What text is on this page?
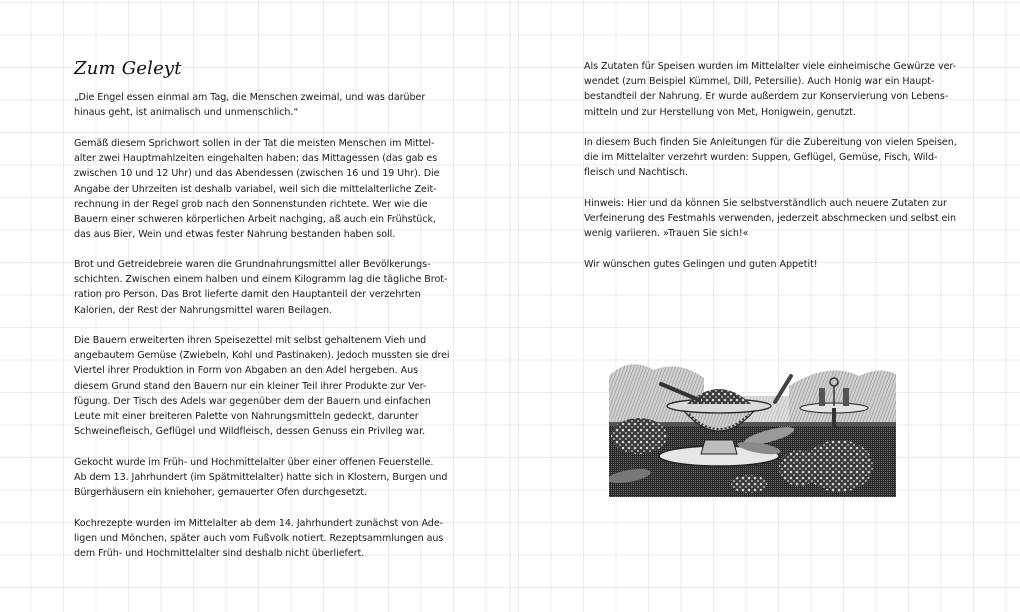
Zum Geleyt

„Die Engel essen einmal am Tag, die Menschen zweimal, und was darüber
hinaus geht, ist animalisch und unmenschlich.“

Gemäß diesem Sprichwort sollen in der Tat die meisten Menschen im Mittel-
alter zwei Hauptmahlzeiten eingehalten haben: das Mittagessen (das gab es
zwischen 10 und 12 Uhr) und das Abendessen (zwischen 16 und 19 Uhr). Die
Angabe der Uhrzeiten ist deshalb variabel, weil sich die mittelalterliche Zeit-
rechnung in der Regel grob nach den Sonnenstunden richtete. Wer wie die
Bauern einer schweren körperlichen Arbeit nachging, aß auch ein Frühstück,
das aus Bier, Wein und etwas fester Nahrung bestanden haben soll.

Brot und Getreidebreie waren die Grundnahrungsmittel aller Bevölkerungs-
schichten. Zwischen einem halben und einem Kilogramm lag die tägliche Brot-
ration pro Person. Das Brot lieferte damit den Hauptanteil der verzehrten
Kalorien, der Rest der Nahrungsmittel waren Beilagen.

Die Bauern erweiterten ihren Speisezettel mit selbst gehaltenem Vieh und
angebautem Gemüse (Zwiebeln, Kohl und Pastinaken). Jedoch mussten sie drei
Viertel ihrer Produktion in Form von Abgaben an den Adel hergeben. Aus
diesem Grund stand den Bauern nur ein kleiner Teil ihrer Produkte zur Ver-
fügung. Der Tisch des Adels war gegenüber dem der Bauern und einfachen
Leute mit einer breiteren Palette von Nahrungsmitteln gedeckt, darunter
Schweinefleisch, Geflügel und Wildfleisch, dessen Genuss ein Privileg war.

Gekocht wurde im Früh- und Hochmittelalter über einer offenen Feuerstelle.
Ab dem 13. Jahrhundert (im Spätmittelalter) hatte sich in Klostern, Burgen und
Bürgerhäusern ein kniehoher, gemauerter Ofen durchgesetzt.

Kochrezepte wurden im Mittelalter ab dem 14. Jahrhundert zunächst von Ade-
ligen und Mönchen, später auch vom Fußvolk notiert. Rezeptsammlungen aus
dem Früh- und Hochmittelalter sind deshalb nicht überliefert.

Als Zutaten für Speisen wurden im Mittelalter viele einheimische Gewürze ver-
wendet (zum Beispiel Kümmel, Dill, Petersilie). Auch Honig war ein Haupt-
bestandteil der Nahrung. Er wurde außerdem zur Konservierung von Lebens-
mitteln und zur Herstellung von Met, Honigwein, genutzt.

In diesem Buch finden Sie Anleitungen für die Zubereitung von vielen Speisen,
die im Mittelalter verzehrt wurden: Suppen, Geflügel, Gemüse, Fisch, Wild-
fleisch und Nachtisch.

Hinweis: Hier und da können Sie selbstverständlich auch neuere Zutaten zur
Verfeinerung des Festmahls verwenden, jederzeit abschmecken und selbst ein
wenig variieren. »Trauen Sie sich!«

Wir wünschen gutes Gelingen und guten Appetit!
